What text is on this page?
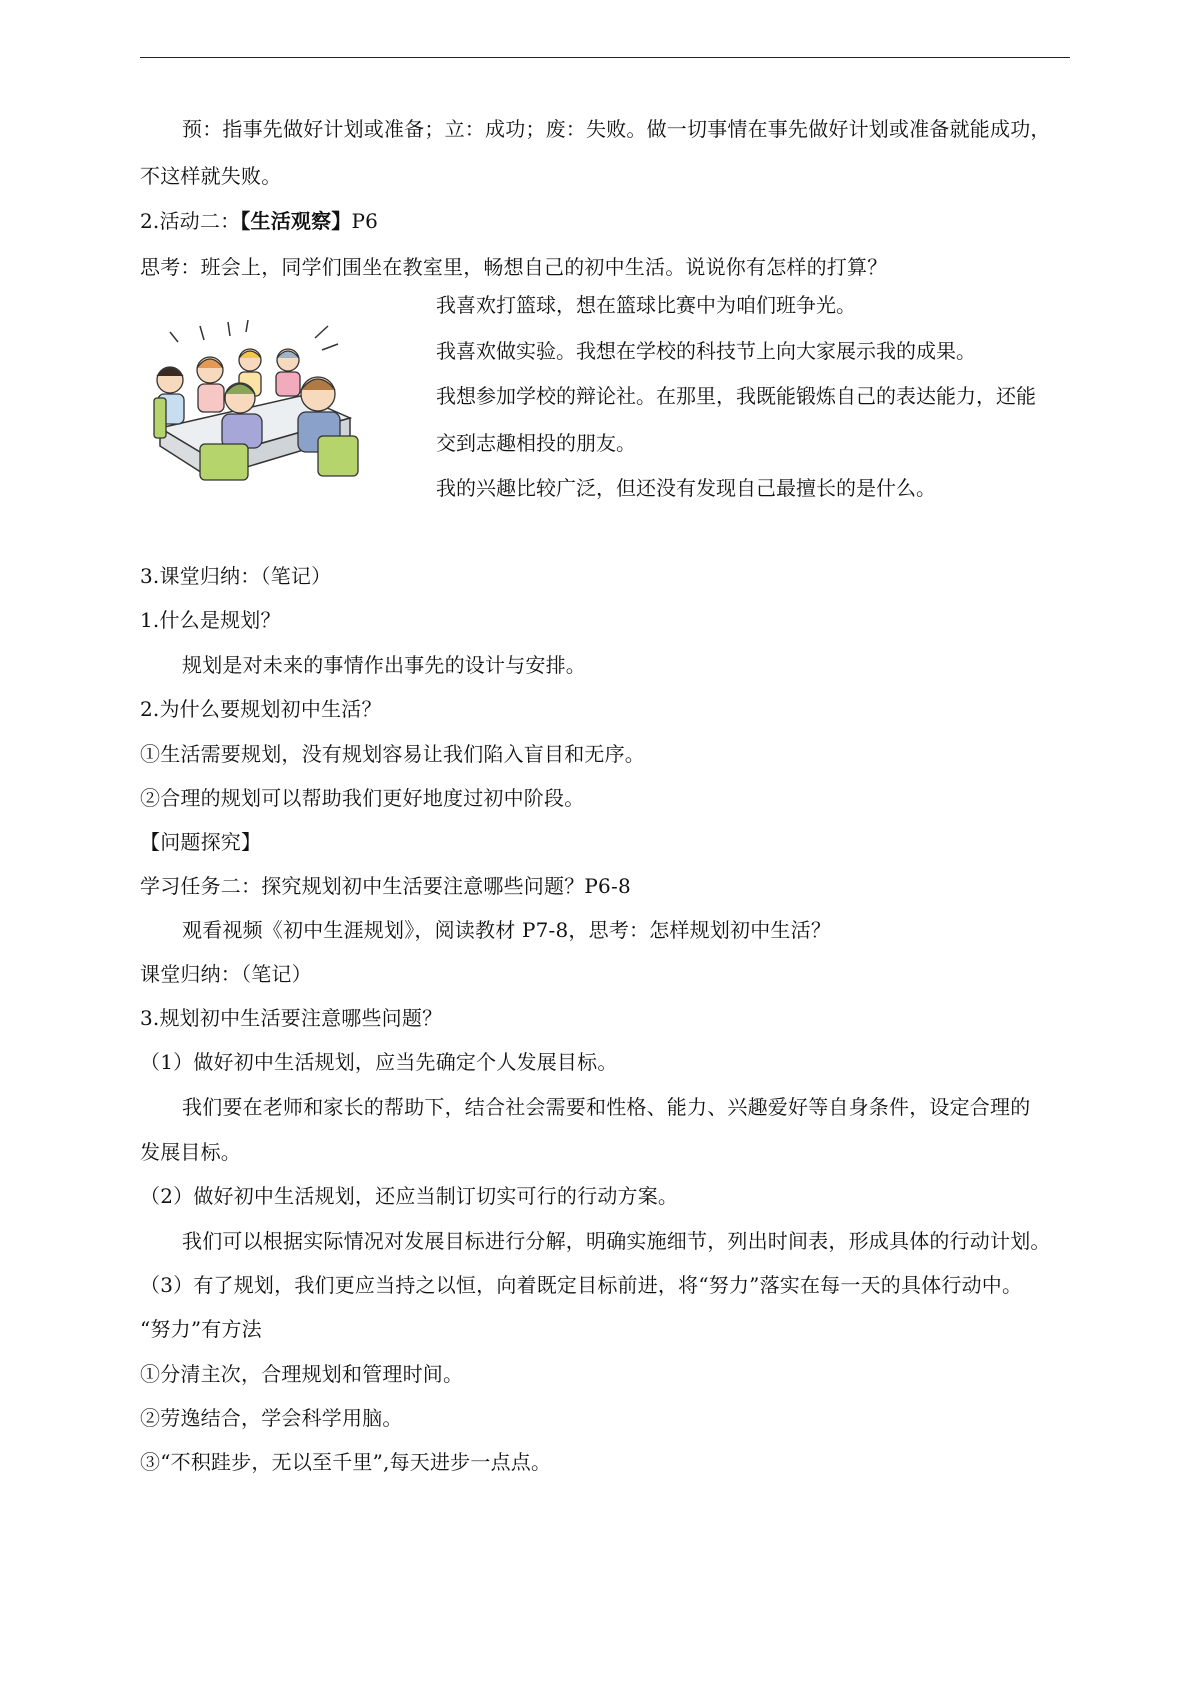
预：指事先做好计划或准备；立：成功；废：失败。做一切事情在事先做好计划或准备就能成功，
不这样就失败。
2.活动二：【生活观察】P6
思考：班会上，同学们围坐在教室里，畅想自己的初中生活。说说你有怎样的打算？
我喜欢打篮球，想在篮球比赛中为咱们班争光。
我喜欢做实验。我想在学校的科技节上向大家展示我的成果。
我想参加学校的辩论社。在那里，我既能锻炼自己的表达能力，还能
交到志趣相投的朋友。
我的兴趣比较广泛，但还没有发现自己最擅长的是什么。
3.课堂归纳：（笔记）
1.什么是规划？
规划是对未来的事情作出事先的设计与安排。
2.为什么要规划初中生活？
①生活需要规划，没有规划容易让我们陷入盲目和无序。
②合理的规划可以帮助我们更好地度过初中阶段。
【问题探究】
学习任务二：探究规划初中生活要注意哪些问题？P6-8
观看视频《初中生涯规划》，阅读教材 P7-8，思考：怎样规划初中生活？
课堂归纳：（笔记）
3.规划初中生活要注意哪些问题？
（1）做好初中生活规划，应当先确定个人发展目标。
我们要在老师和家长的帮助下，结合社会需要和性格、能力、兴趣爱好等自身条件，设定合理的
发展目标。
（2）做好初中生活规划，还应当制订切实可行的行动方案。
我们可以根据实际情况对发展目标进行分解，明确实施细节，列出时间表，形成具体的行动计划。
（3）有了规划，我们更应当持之以恒，向着既定目标前进，将“努力”落实在每一天的具体行动中。
“努力”有方法
①分清主次，合理规划和管理时间。
②劳逸结合，学会科学用脑。
③“不积跬步，无以至千里”,每天进步一点点。
